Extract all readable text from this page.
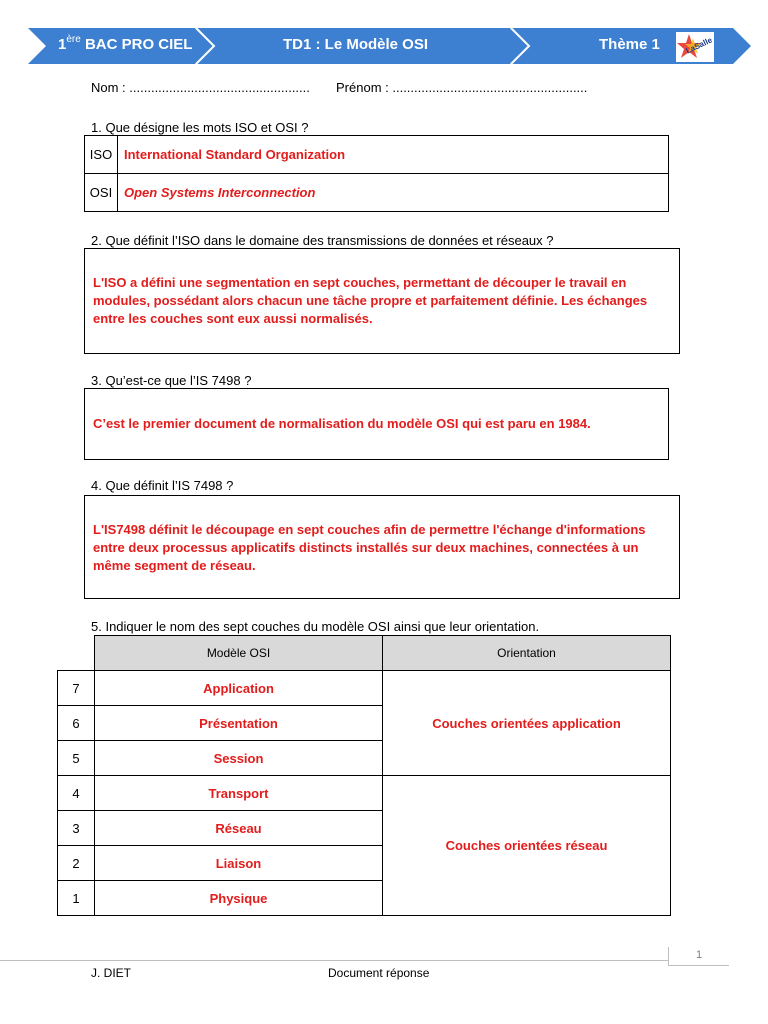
1ère BAC PRO CIEL	TD1 : Le Modèle OSI	Thème 1	LaSalle
Nom : .................................................. Prénom : ......................................................
1. Que désigne les mots ISO et OSI ?
ISO	International Standard Organization
OSI	Open Systems Interconnection
2. Que définit l’ISO dans le domaine des transmissions de données et réseaux ?
L'ISO a défini une segmentation en sept couches, permettant de découper le travail en
modules, possédant alors chacun une tâche propre et parfaitement définie. Les échanges
entre les couches sont eux aussi normalisés.
3. Qu’est-ce que l’IS 7498 ?
C’est le premier document de normalisation du modèle OSI qui est paru en 1984.
4. Que définit l’IS 7498 ?
L'IS7498 définit le découpage en sept couches afin de permettre l'échange d'informations
entre deux processus applicatifs distincts installés sur deux machines, connectées à un
même segment de réseau.
5. Indiquer le nom des sept couches du modèle OSI ainsi que leur orientation.
	Modèle OSI	Orientation
7	Application	Couches orientées application
6	Présentation	
5	Session	
4	Transport	Couches orientées réseau
3	Réseau	
2	Liaison	
1	Physique	
1
J. DIET	Document réponse
